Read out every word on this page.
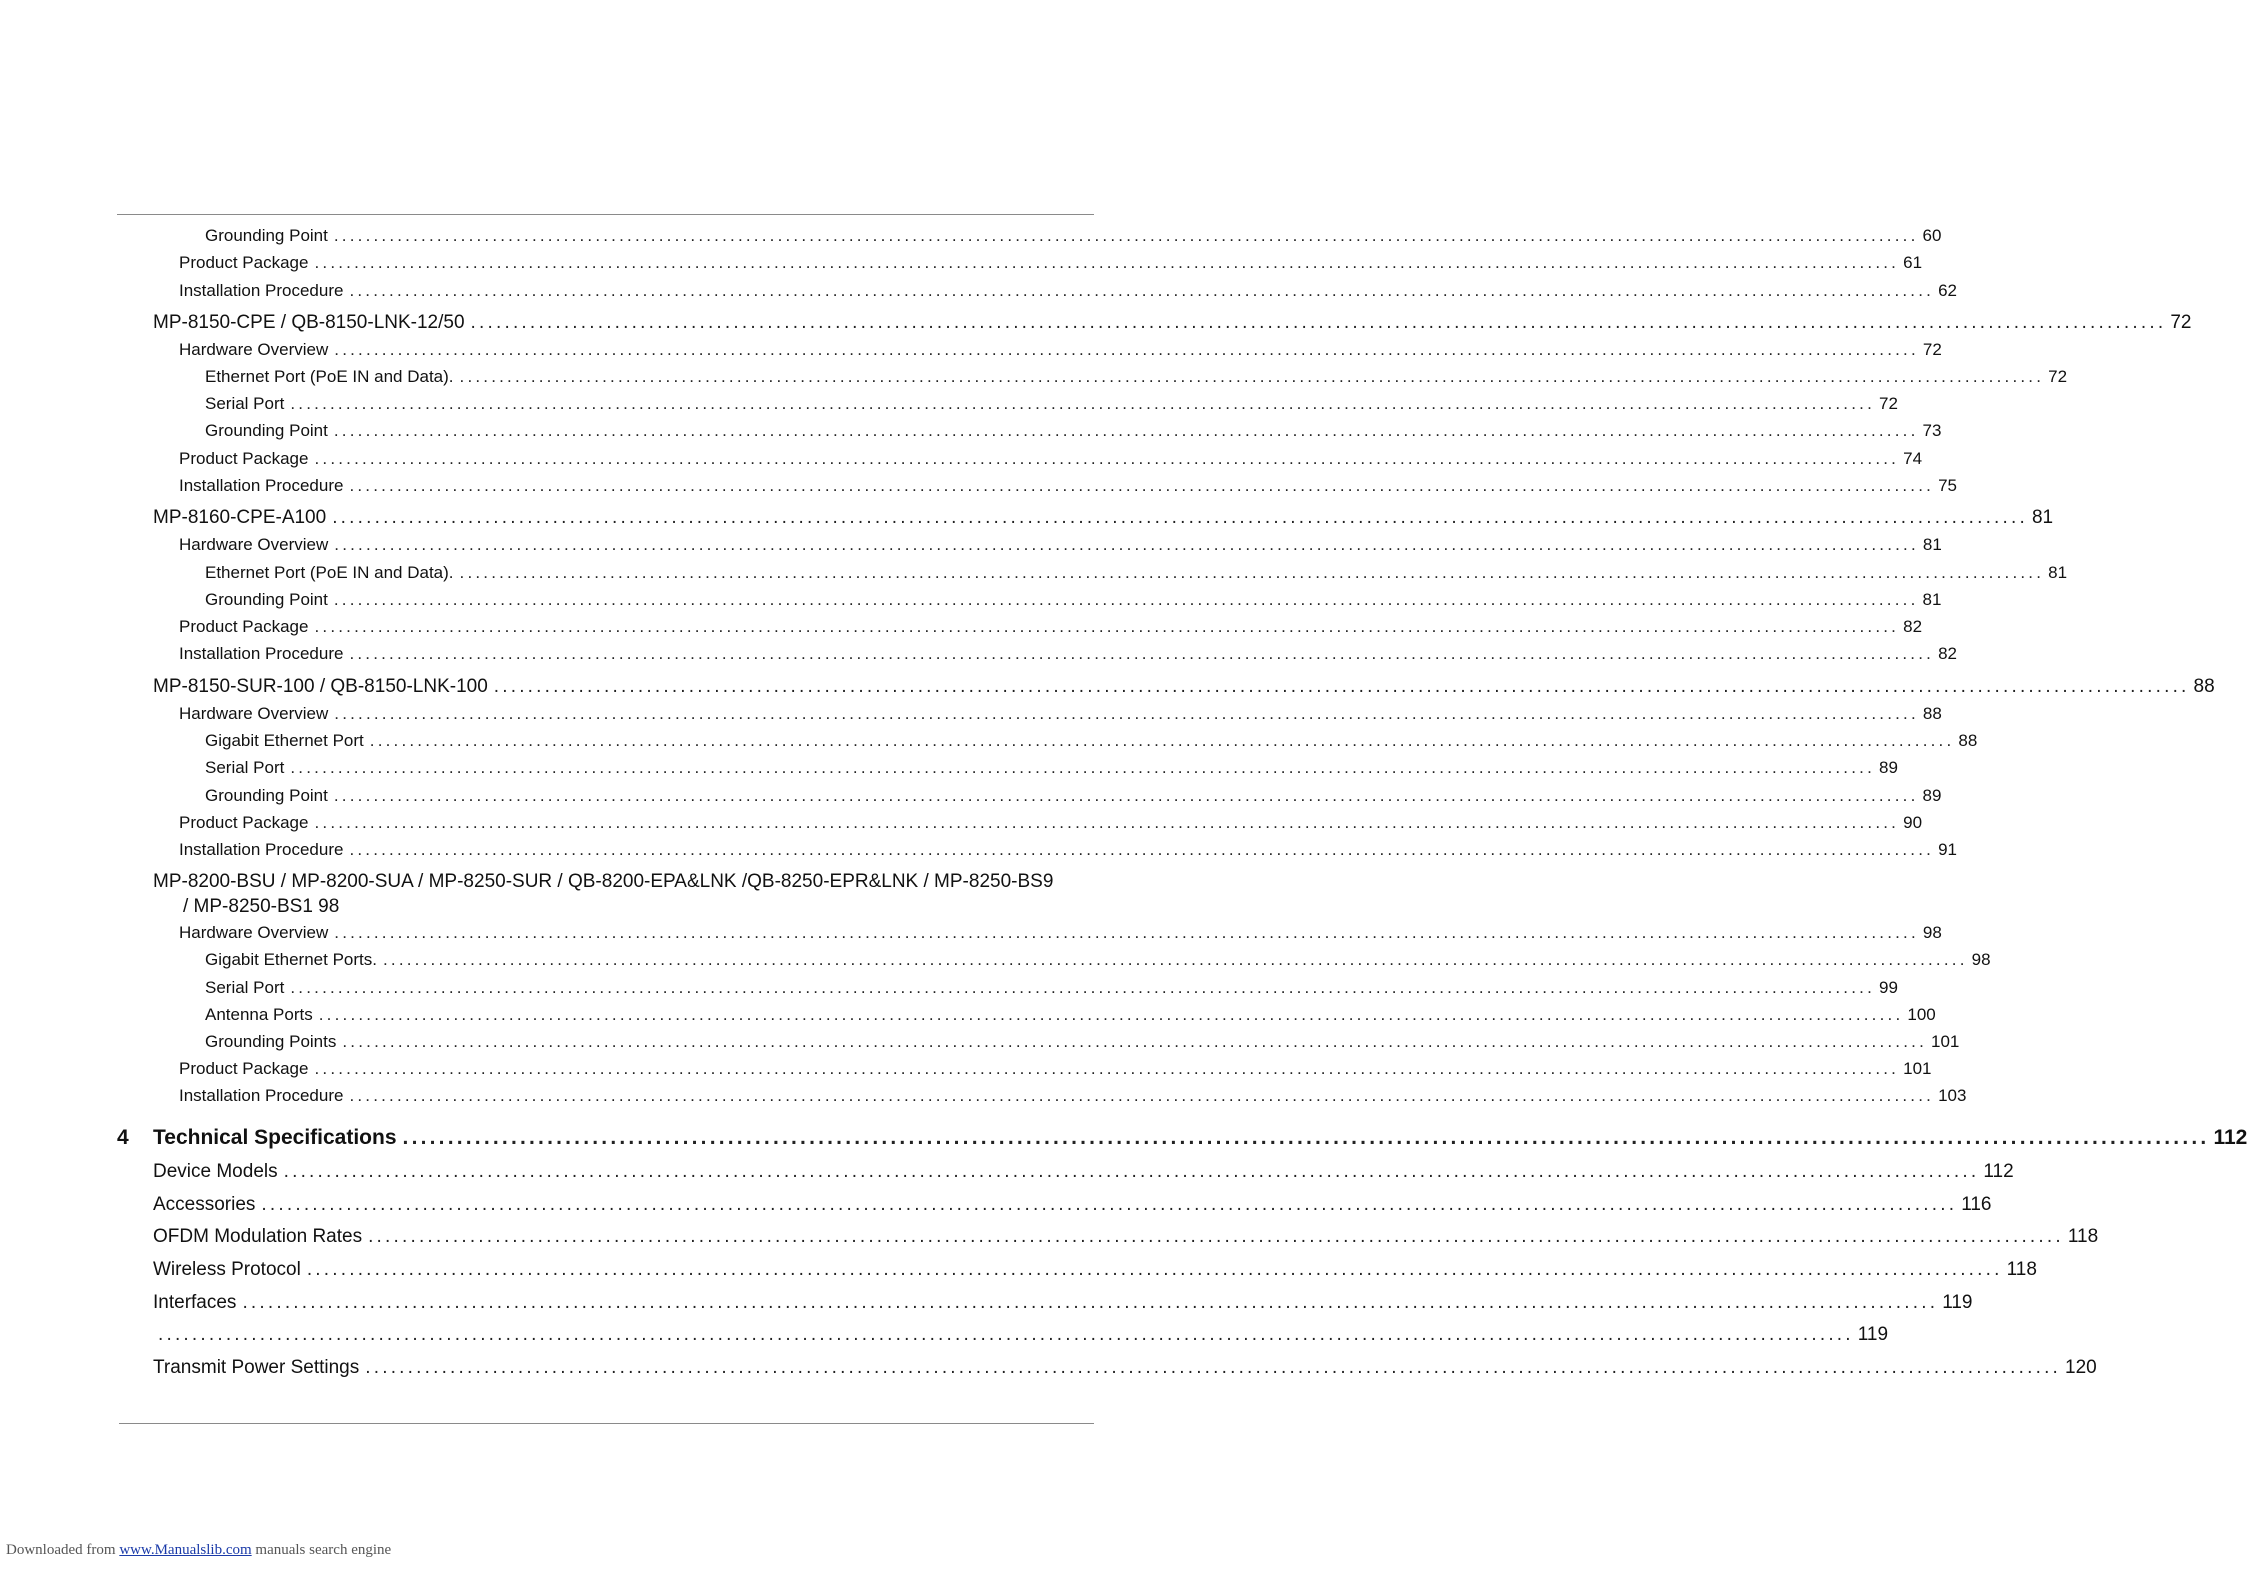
Grounding Point ........................................................................................................................................................................................................ 60
Product Package ........................................................................................................................................................................................................ 61
Installation Procedure ........................................................................................................................................................................................................ 62
MP-8150-CPE / QB-8150-LNK-12/50 ........................................................................................................................................................................................................ 72
Hardware Overview ........................................................................................................................................................................................................ 72
Ethernet Port (PoE IN and Data). ........................................................................................................................................................................................................ 72
Serial Port ........................................................................................................................................................................................................ 72
Grounding Point ........................................................................................................................................................................................................ 73
Product Package ........................................................................................................................................................................................................ 74
Installation Procedure ........................................................................................................................................................................................................ 75
MP-8160-CPE-A100 ........................................................................................................................................................................................................ 81
Hardware Overview ........................................................................................................................................................................................................ 81
Ethernet Port (PoE IN and Data). ........................................................................................................................................................................................................ 81
Grounding Point ........................................................................................................................................................................................................ 81
Product Package ........................................................................................................................................................................................................ 82
Installation Procedure ........................................................................................................................................................................................................ 82
MP-8150-SUR-100 / QB-8150-LNK-100 ........................................................................................................................................................................................................ 88
Hardware Overview ........................................................................................................................................................................................................ 88
Gigabit Ethernet Port ........................................................................................................................................................................................................ 88
Serial Port ........................................................................................................................................................................................................ 89
Grounding Point ........................................................................................................................................................................................................ 89
Product Package ........................................................................................................................................................................................................ 90
Installation Procedure ........................................................................................................................................................................................................ 91
MP-8200-BSU / MP-8200-SUA / MP-8250-SUR / QB-8200-EPA&LNK /QB-8250-EPR&LNK / MP-8250-BS9
/ MP-8250-BS1 98
Hardware Overview ........................................................................................................................................................................................................ 98
Gigabit Ethernet Ports. ........................................................................................................................................................................................................ 98
Serial Port ........................................................................................................................................................................................................ 99
Antenna Ports ........................................................................................................................................................................................................ 100
Grounding Points ........................................................................................................................................................................................................ 101
Product Package ........................................................................................................................................................................................................ 101
Installation Procedure ........................................................................................................................................................................................................ 103
4 Technical Specifications ........................................................................................................................................................................................................ 112
Device Models ........................................................................................................................................................................................................ 112
Accessories ........................................................................................................................................................................................................ 116
OFDM Modulation Rates ........................................................................................................................................................................................................ 118
Wireless Protocol ........................................................................................................................................................................................................ 118
Interfaces ........................................................................................................................................................................................................ 119
........................................................................................................................................................................................................ 119
Transmit Power Settings ........................................................................................................................................................................................................ 120
Downloaded from www.Manualslib.com manuals search engine
